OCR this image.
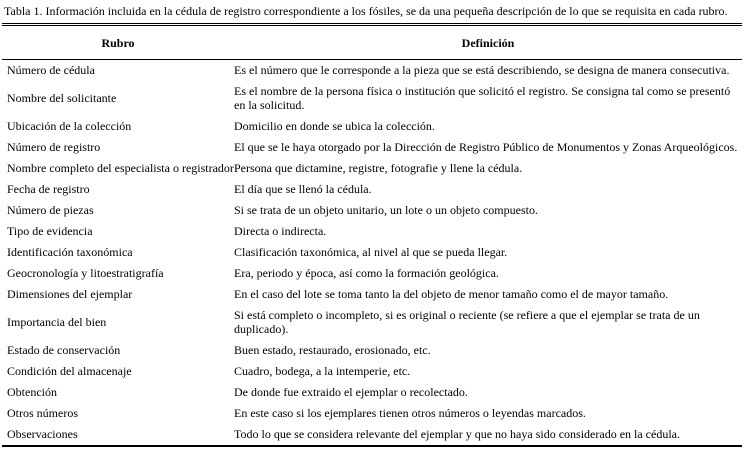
Tabla 1. Información incluida en la cédula de registro correspondiente a los fósiles, se da una pequeña descripción de lo que se requisita en cada rubro.
Rubro	Definición
Número de cédula	Es el número que le corresponde a la pieza que se está describiendo, se designa de manera consecutiva.
Nombre del solicitante	Es el nombre de la persona física o institución que solicitó el registro. Se consigna tal como se presentó en la solicitud.
Ubicación de la colección	Domicilio en donde se ubica la colección.
Número de registro	El que se le haya otorgado por la Dirección de Registro Público de Monumentos y Zonas Arqueológicos.
Nombre completo del especialista o registrador	Persona que dictamine, registre, fotografie y llene la cédula.
Fecha de registro	El día que se llenó la cédula.
Número de piezas	Si se trata de un objeto unitario, un lote o un objeto compuesto.
Tipo de evidencia	Directa o indirecta.
Identificación taxonómica	Clasificación taxonómica, al nivel al que se pueda llegar.
Geocronología y litoestratigrafía	Era, periodo y época, así como la formación geológica.
Dimensiones del ejemplar	En el caso del lote se toma tanto la del objeto de menor tamaño como el de mayor tamaño.
Importancia del bien	Si está completo o incompleto, si es original o reciente (se refiere a que el ejemplar se trata de un duplicado).
Estado de conservación	Buen estado, restaurado, erosionado, etc.
Condición del almacenaje	Cuadro, bodega, a la intemperie, etc.
Obtención	De donde fue extraido el ejemplar o recolectado.
Otros números	En este caso si los ejemplares tienen otros números o leyendas marcados.
Observaciones	Todo lo que se considera relevante del ejemplar y que no haya sido considerado en la cédula.
